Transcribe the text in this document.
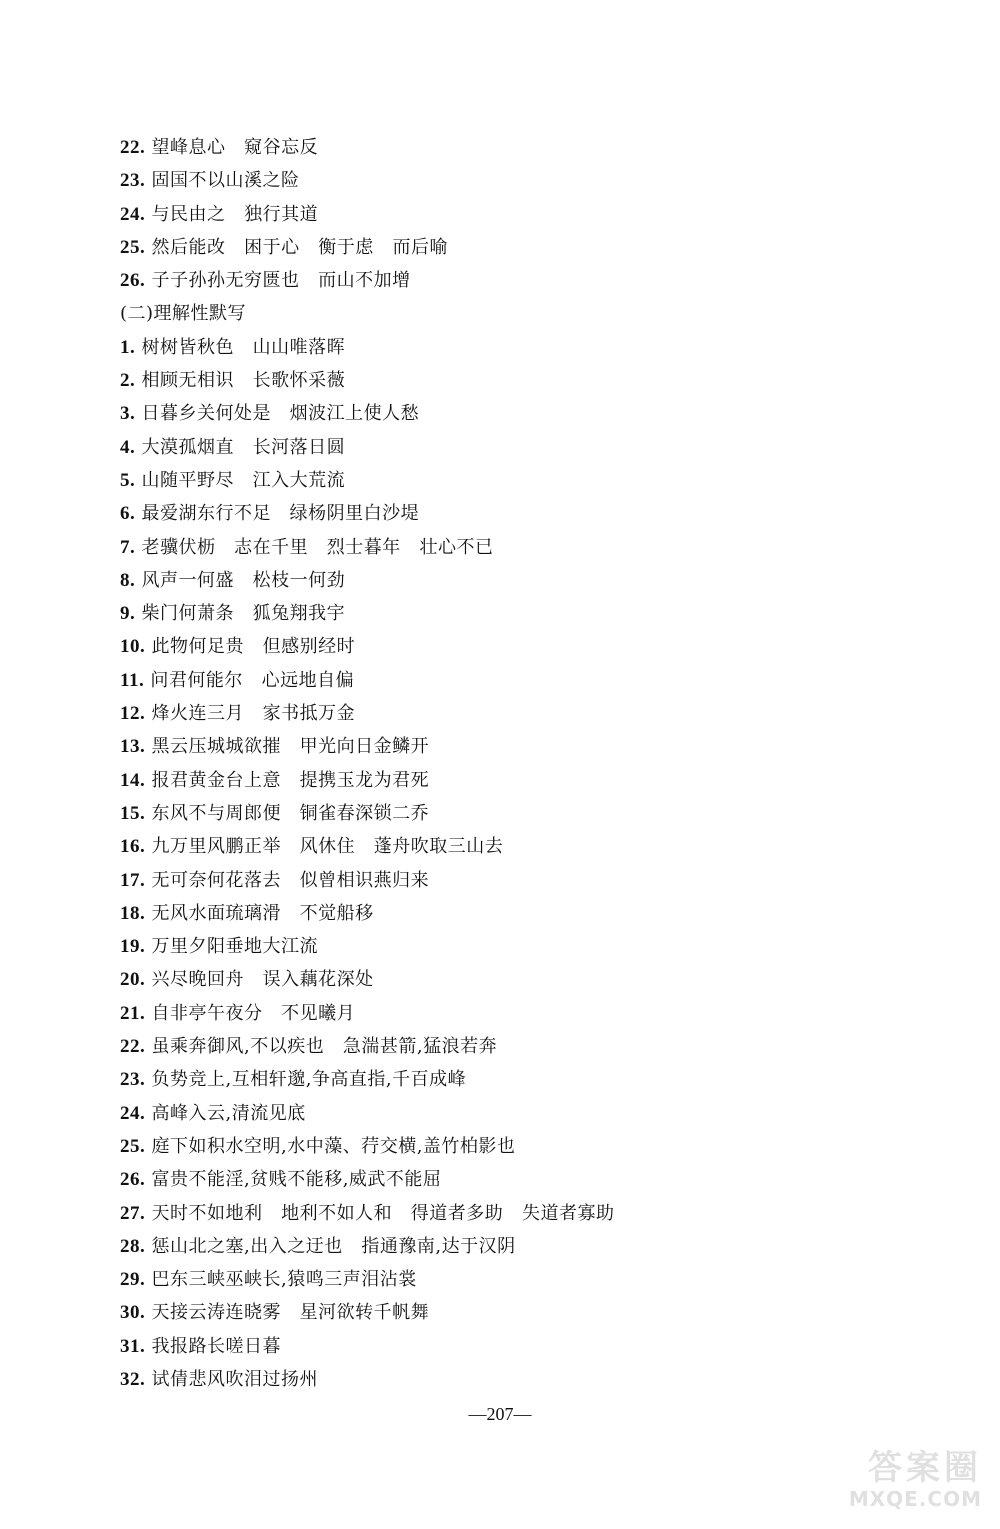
22. 望峰息心   窥谷忘反
23. 固国不以山溪之险
24. 与民由之   独行其道
25. 然后能改   困于心   衡于虑   而后喻
26. 子子孙孙无穷匮也   而山不加增
(二)理解性默写
1. 树树皆秋色   山山唯落晖
2. 相顾无相识   长歌怀采薇
3. 日暮乡关何处是   烟波江上使人愁
4. 大漠孤烟直   长河落日圆
5. 山随平野尽   江入大荒流
6. 最爱湖东行不足   绿杨阴里白沙堤
7. 老骥伏枥   志在千里   烈士暮年   壮心不已
8. 风声一何盛   松枝一何劲
9. 柴门何萧条   狐兔翔我宇
10. 此物何足贵   但感别经时
11. 问君何能尔   心远地自偏
12. 烽火连三月   家书抵万金
13. 黑云压城城欲摧   甲光向日金鳞开
14. 报君黄金台上意   提携玉龙为君死
15. 东风不与周郎便   铜雀春深锁二乔
16. 九万里风鹏正举   风休住   蓬舟吹取三山去
17. 无可奈何花落去   似曾相识燕归来
18. 无风水面琉璃滑   不觉船移
19. 万里夕阳垂地大江流
20. 兴尽晚回舟   误入藕花深处
21. 自非亭午夜分   不见曦月
22. 虽乘奔御风,不以疾也   急湍甚箭,猛浪若奔
23. 负势竞上,互相轩邈,争高直指,千百成峰
24. 高峰入云,清流见底
25. 庭下如积水空明,水中藻、荇交横,盖竹柏影也
26. 富贵不能淫,贫贱不能移,威武不能屈
27. 天时不如地利   地利不如人和   得道者多助   失道者寡助
28. 惩山北之塞,出入之迂也   指通豫南,达于汉阴
29. 巴东三峡巫峡长,猿鸣三声泪沾裳
30. 天接云涛连晓雾   星河欲转千帆舞
31. 我报路长嗟日暮
32. 试倩悲风吹泪过扬州
—207—
答案圈
MXQE.COM
